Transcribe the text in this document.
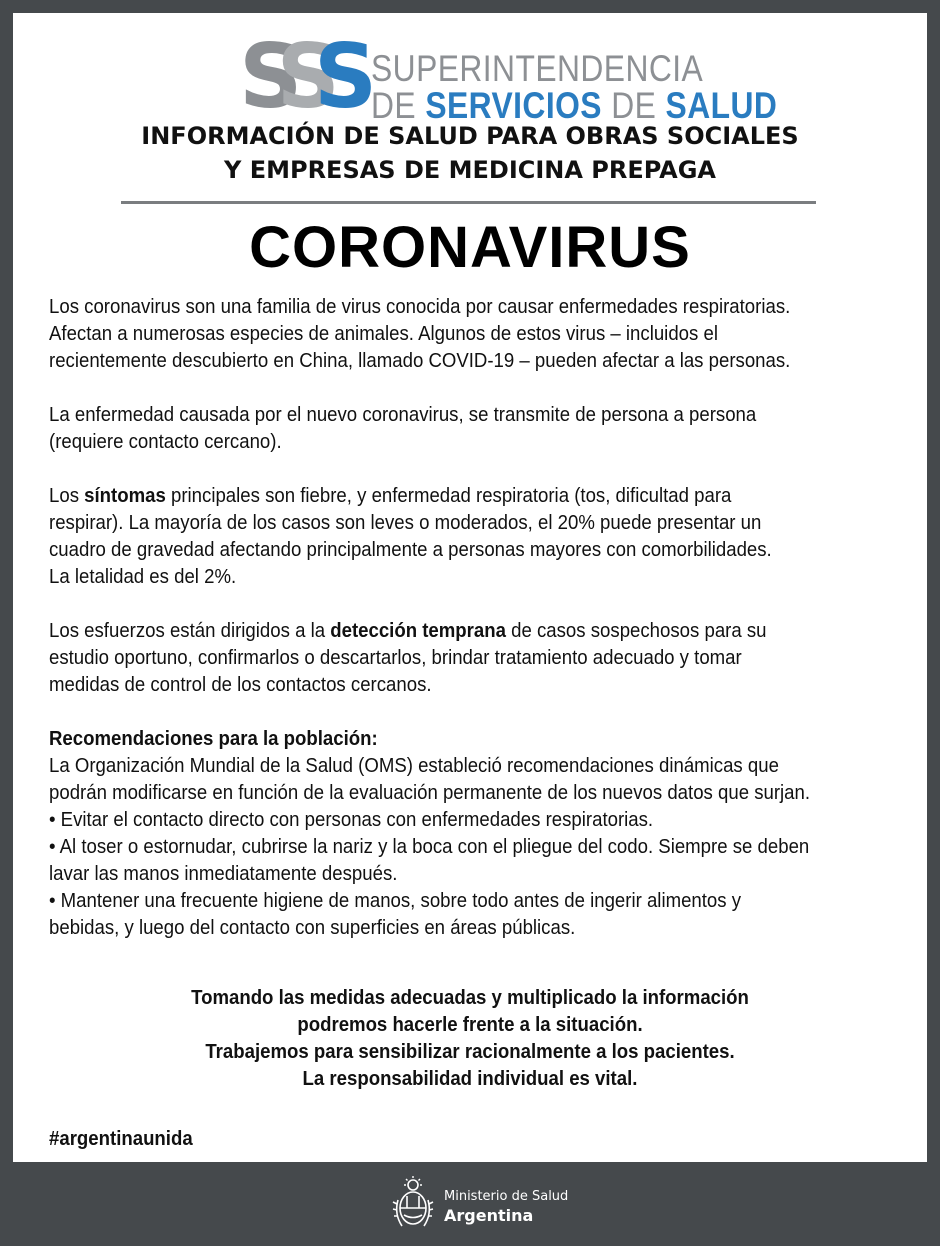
SSS SUPERINTENDENCIA

DE SERVICIOS DE SALUD

INFORMACIÓN DE SALUD PARA OBRAS SOCIALES
Y EMPRESAS DE MEDICINA PREPAGA
CORONAVIRUS

Los coronavirus son una familia de virus conocida por causar enfermedades respiratorias.
Afectan a numerosas especies de animales. Algunos de estos virus – incluidos el
recientemente descubierto en China, llamado COVID-19 – pueden afectar a las personas.

La enfermedad causada por el nuevo coronavirus, se transmite de persona a persona
(requiere contacto cercano).

Los síntomas principales son fiebre, y enfermedad respiratoria (tos, dificultad para
respirar). La mayoría de los casos son leves o moderados, el 20% puede presentar un
cuadro de gravedad afectando principalmente a personas mayores con comorbilidades.
La letalidad es del 2%.

Los esfuerzos están dirigidos a la detección temprana de casos sospechosos para su
estudio oportuno, confirmarlos o descartarlos, brindar tratamiento adecuado y tomar
medidas de control de los contactos cercanos.

Recomendaciones para la población:
La Organización Mundial de la Salud (OMS) estableció recomendaciones dinámicas que
podrán modificarse en función de la evaluación permanente de los nuevos datos que surjan.
• Evitar el contacto directo con personas con enfermedades respiratorias.
• Al toser o estornudar, cubrirse la nariz y la boca con el pliegue del codo. Siempre se deben
lavar las manos inmediatamente después.
• Mantener una frecuente higiene de manos, sobre todo antes de ingerir alimentos y
bebidas, y luego del contacto con superficies en áreas públicas.

Tomando las medidas adecuadas y multiplicado la información
podremos hacerle frente a la situación.
Trabajemos para sensibilizar racionalmente a los pacientes.
La responsabilidad individual es vital.

#argentinaunida

Ministerio de Salud

Argentina
